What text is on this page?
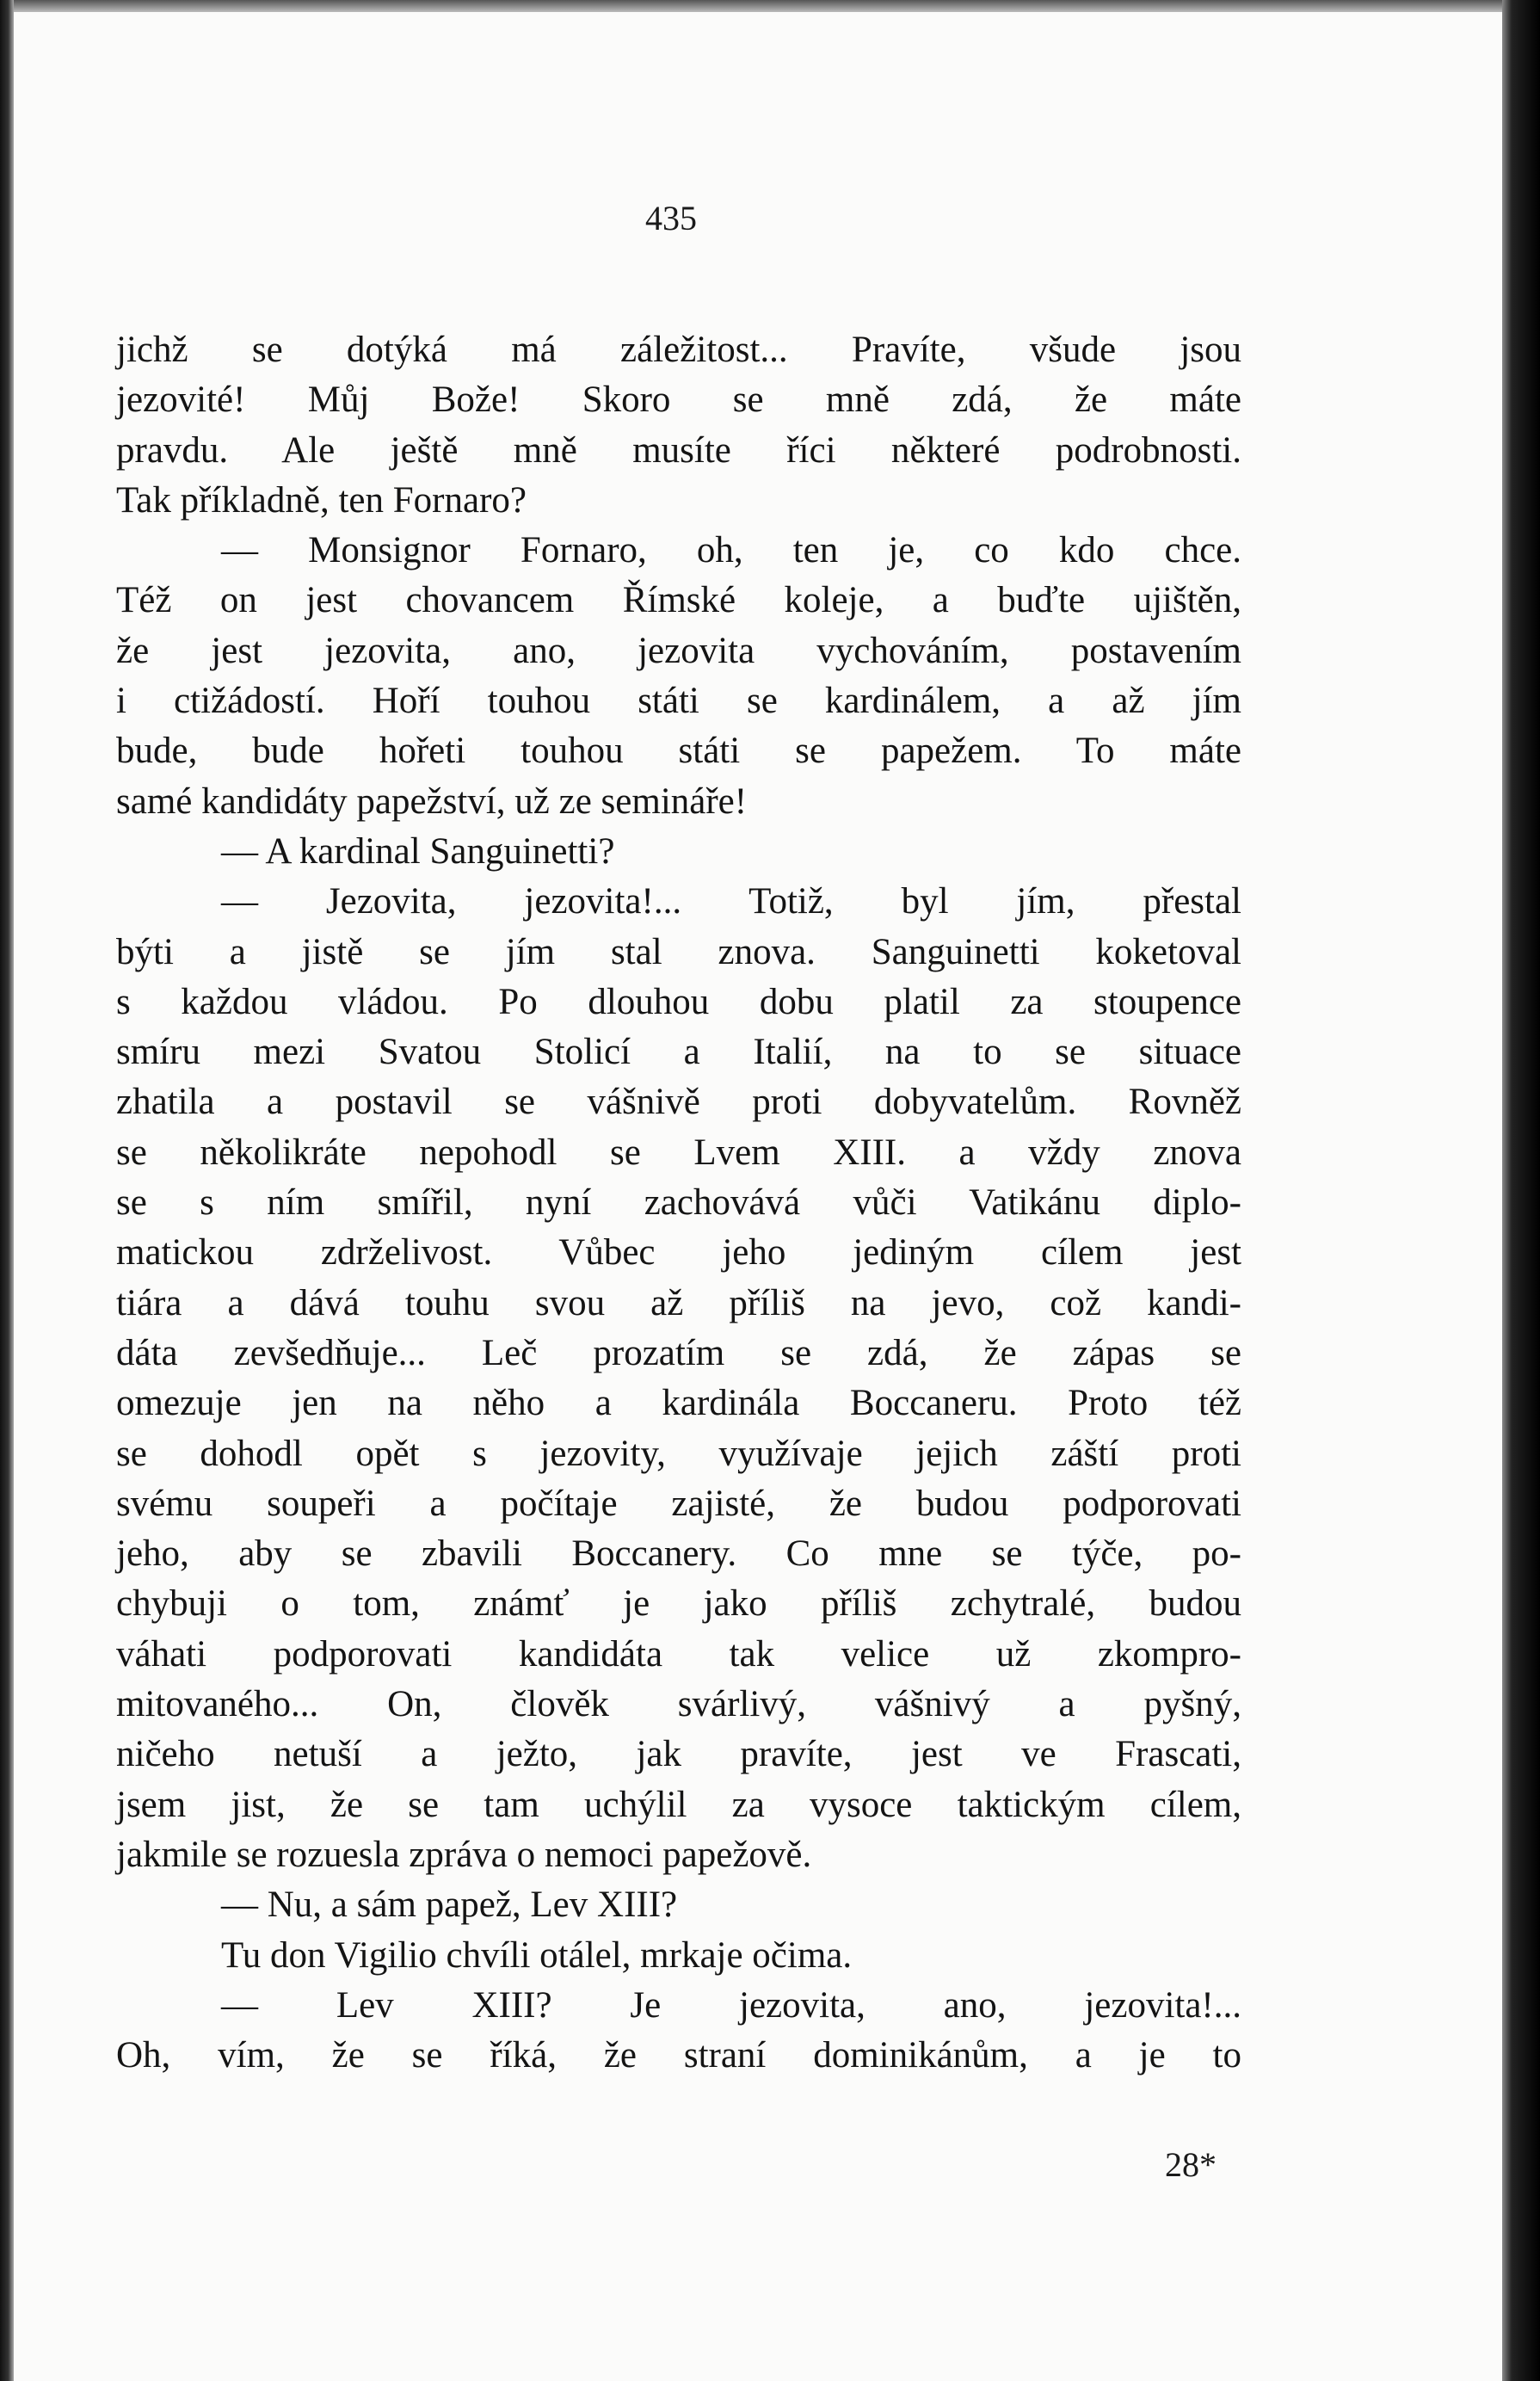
435
jichž se dotýká má záležitost... Pravíte, všude jsou
jezovité! Můj Bože! Skoro se mně zdá, že máte
pravdu. Ale ještě mně musíte říci některé podrobnosti.
Tak příkladně, ten Fornaro?
— Monsignor Fornaro, oh, ten je, co kdo chce.
Též on jest chovancem Římské koleje, a buďte ujištěn,
že jest jezovita, ano, jezovita vychováním, postavením
i ctižádostí. Hoří touhou státi se kardinálem, a až jím
bude, bude hořeti touhou státi se papežem. To máte
samé kandidáty papežství, už ze semináře!
— A kardinal Sanguinetti?
— Jezovita, jezovita!... Totiž, byl jím, přestal
býti a jistě se jím stal znova. Sanguinetti koketoval
s každou vládou. Po dlouhou dobu platil za stoupence
smíru mezi Svatou Stolicí a Italií, na to se situace
zhatila a postavil se vášnivě proti dobyvatelům. Rovněž
se několikráte nepohodl se Lvem XIII. a vždy znova
se s ním smířil, nyní zachovává vůči Vatikánu diplo-
matickou zdrželivost. Vůbec jeho jediným cílem jest
tiára a dává touhu svou až příliš na jevo, což kandi-
dáta zevšedňuje... Leč prozatím se zdá, že zápas se
omezuje jen na něho a kardinála Boccaneru. Proto též
se dohodl opět s jezovity, využívaje jejich záští proti
svému soupeři a počítaje zajisté, že budou podporovati
jeho, aby se zbavili Boccanery. Co mne se týče, po-
chybuji o tom, známť je jako příliš zchytralé, budou
váhati podporovati kandidáta tak velice už zkompro-
mitovaného... On, člověk svárlivý, vášnivý a pyšný,
ničeho netuší a ježto, jak pravíte, jest ve Frascati,
jsem jist, že se tam uchýlil za vysoce taktickým cílem,
jakmile se rozuesla zpráva o nemoci papežově.
— Nu, a sám papež, Lev XIII?
Tu don Vigilio chvíli otálel, mrkaje očima.
— Lev XIII? Je jezovita, ano, jezovita!...
Oh, vím, že se říká, že straní dominikánům, a je to
28*
